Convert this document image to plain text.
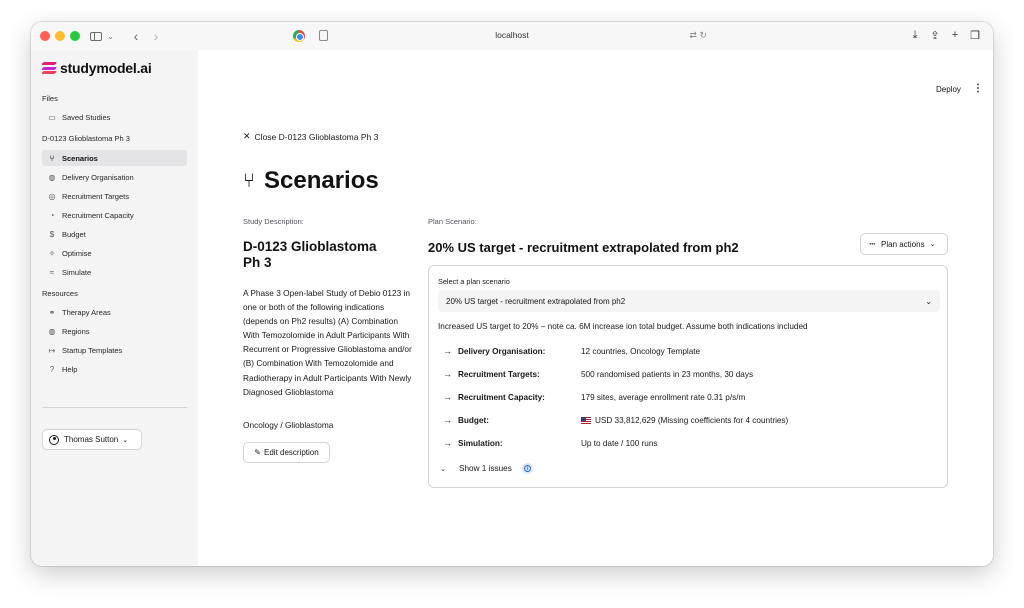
⌄	‹	›	localhost	⇄ ↻	⤓	⇪	+	❐
studymodel.ai
Files
▭ Saved Studies
D-0123 Glioblastoma Ph 3
⑂	Scenarios
◍ Delivery Organisation
◎ Recruitment Targets
◔	Recruitment Capacity
$	Budget
✧ Optimise
≈	Simulate
Resources
⚭ Therapy Areas
◍ Regions
↦ Startup Templates
?	Help
Thomas Sutton ⌄
Deploy ⋮
✕ Close D-0123 Glioblastoma Ph 3
⑂ Scenarios
Study Description:
D-0123 Glioblastoma Ph 3
A Phase 3 Open-label Study of Debio 0123 in one or both of the following indications (depends on Ph2 results) (A) Combination With Temozolomide in Adult Participants With Recurrent or Progressive Glioblastoma and/or (B) Combination With Temozolomide and Radiotherapy in Adult Participants With Newly Diagnosed Glioblastoma
Oncology / Glioblastoma
✎ Edit description
Plan Scenario:
20% US target - recruitment extrapolated from ph2	··· Plan actions ⌄
Select a plan scenario
20% US target - recruitment extrapolated from ph2	⌄
Increased US target to 20% – note ca. 6M increase ion total budget. Assume both indications included
→ Delivery Organisation:	12 countries, Oncology Template
→ Recruitment Targets:	500 randomised patients in 23 months, 30 days
→ Recruitment Capacity:	179 sites, average enrollment rate 0.31 p/s/m
→ Budget:	USD 33,812,629 (Missing coefficients for 4 countries)
→ Simulation:	Up to date / 100 runs
⌄	Show 1 issues	i
